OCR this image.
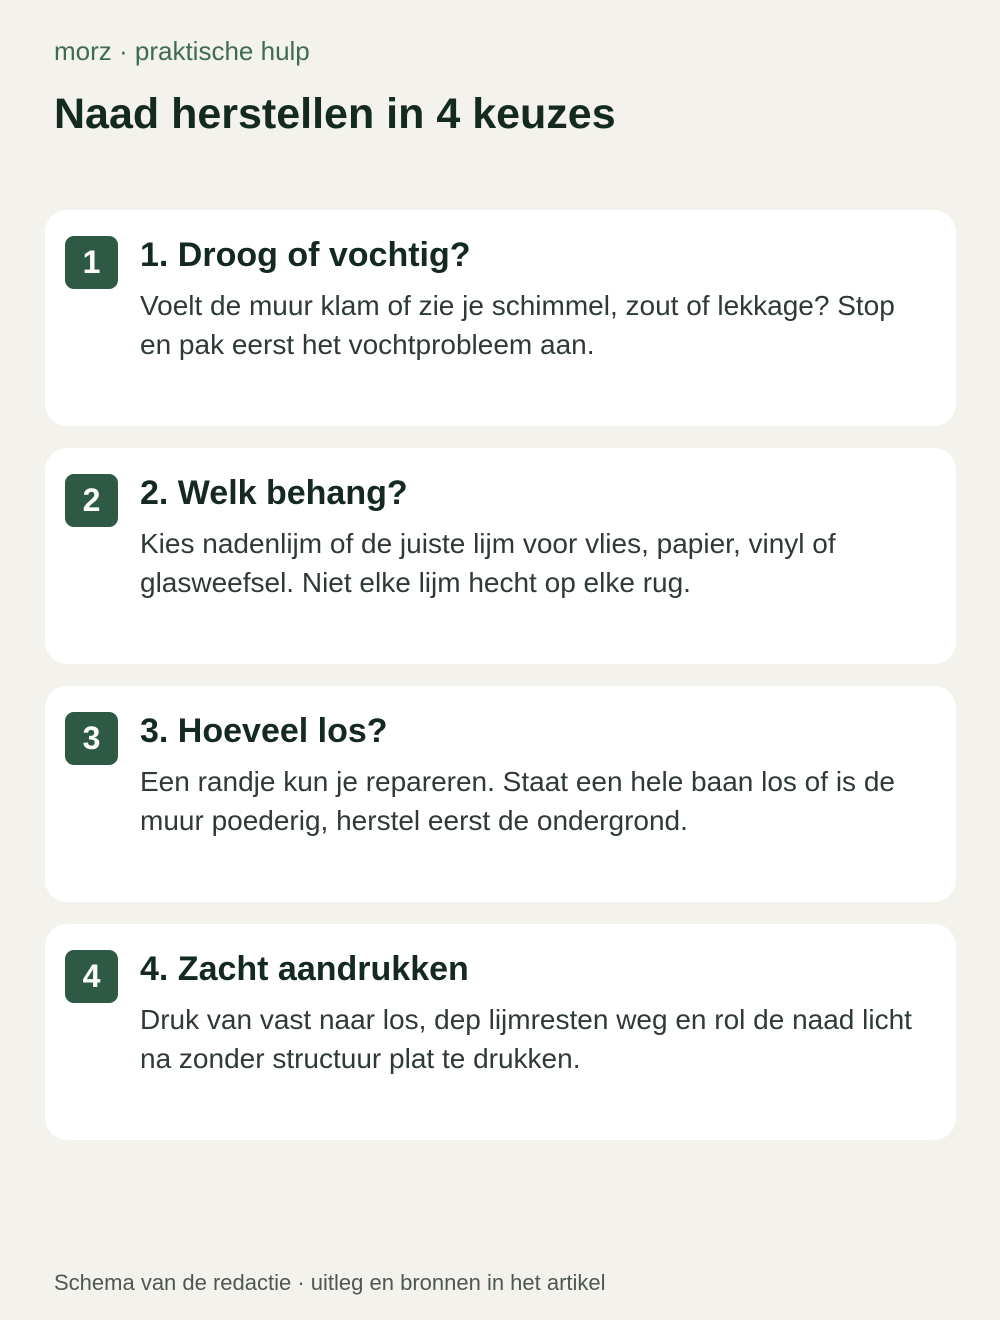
morz · praktische hulp
Naad herstellen in 4 keuzes
1	1. Droog of vochtig?

Voelt de muur klam of zie je schimmel, zout of lekkage? Stop en pak eerst het vochtprobleem aan.

2	2. Welk behang?

Kies nadenlijm of de juiste lijm voor vlies, papier, vinyl of glasweefsel. Niet elke lijm hecht op elke rug.

3	3. Hoeveel los?

Een randje kun je repareren. Staat een hele baan los of is de muur poederig, herstel eerst de ondergrond.

4	4. Zacht aandrukken

Druk van vast naar los, dep lijmresten weg en rol de naad licht na zonder structuur plat te drukken.

Schema van de redactie · uitleg en bronnen in het artikel
